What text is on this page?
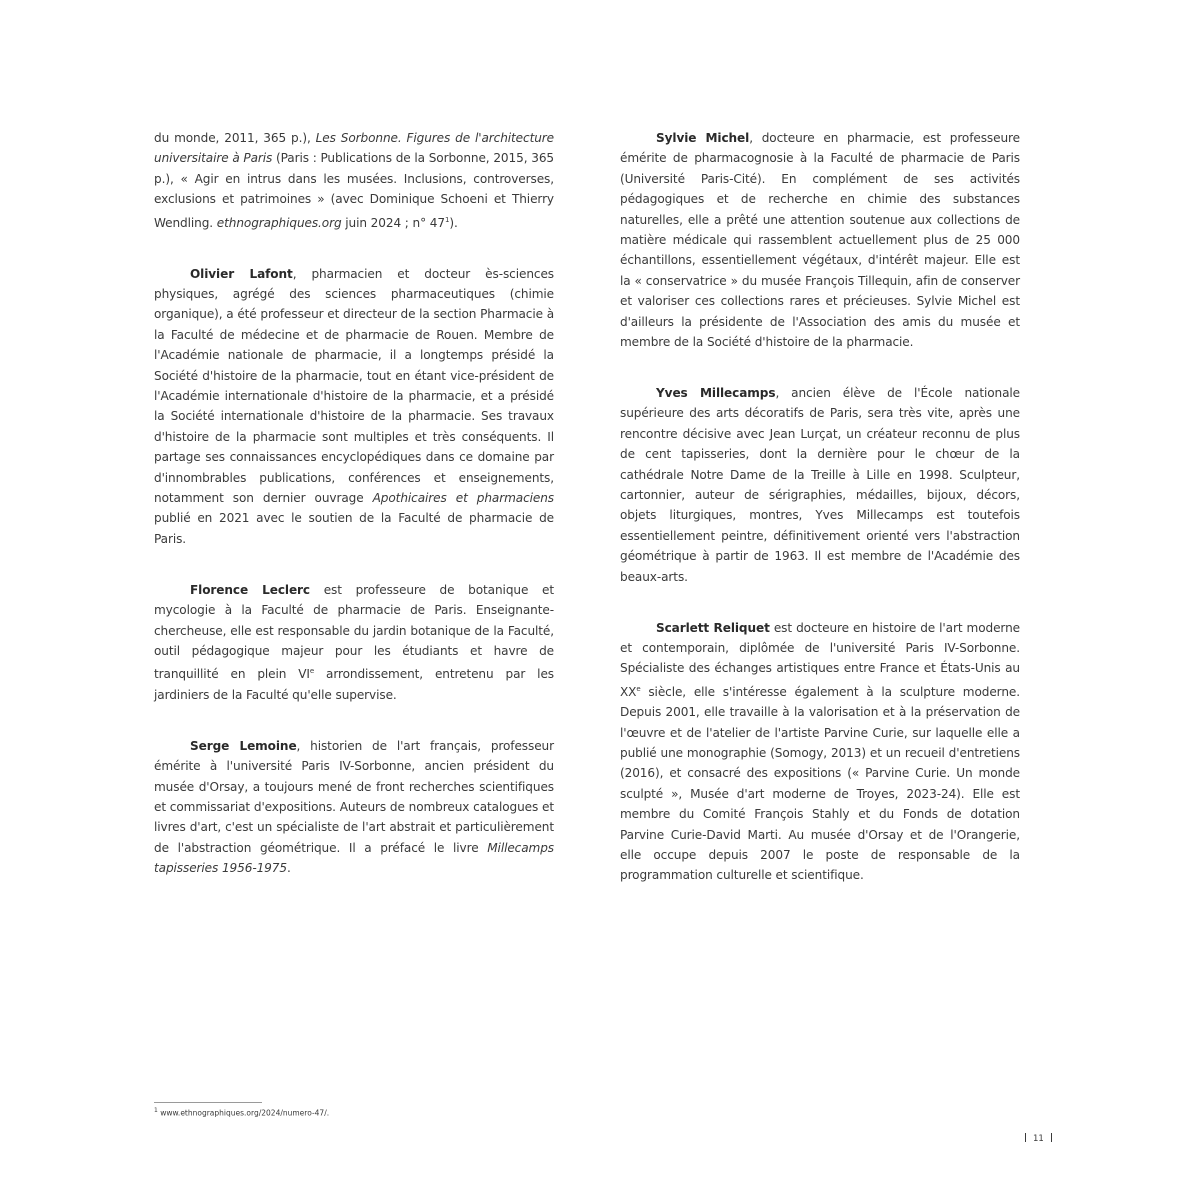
du monde, 2011, 365 p.), Les Sorbonne. Figures de l'architecture universitaire à Paris (Paris : Publications de la Sorbonne, 2015, 365 p.), « Agir en intrus dans les musées. Inclusions, controverses, exclusions et patrimoines » (avec Dominique Schoeni et Thierry Wendling. ethnographiques.org juin 2024 ; n° $47^1$).

Olivier Lafont, pharmacien et docteur ès-sciences physiques, agrégé des sciences pharmaceutiques (chimie organique), a été professeur et directeur de la section Pharmacie à la Faculté de médecine et de pharmacie de Rouen. Membre de l'Académie nationale de pharmacie, il a longtemps présidé la Société d'histoire de la pharmacie, tout en étant vice-président de l'Académie internationale d'histoire de la pharmacie, et a présidé la Société internationale d'histoire de la pharmacie. Ses travaux d'histoire de la pharmacie sont multiples et très conséquents. Il partage ses connaissances encyclopédiques dans ce domaine par d'innombrables publications, conférences et enseignements, notamment son dernier ouvrage Apothicaires et pharmaciens publié en 2021 avec le soutien de la Faculté de pharmacie de Paris.

Florence Leclerc est professeure de botanique et mycologie à la Faculté de pharmacie de Paris. Enseignante-chercheuse, elle est responsable du jardin botanique de la Faculté, outil pédagogique majeur pour les étudiants et havre de tranquillité en plein VIe arrondissement, entretenu par les jardiniers de la Faculté qu'elle supervise.

Serge Lemoine, historien de l'art français, professeur émérite à l'université Paris IV-Sorbonne, ancien président du musée d'Orsay, a toujours mené de front recherches scientifiques et commissariat d'expositions. Auteurs de nombreux catalogues et livres d'art, c'est un spécialiste de l'art abstrait et particulièrement de l'abstraction géométrique. Il a préfacé le livre Millecamps tapisseries 1956-1975.

Sylvie Michel, docteure en pharmacie, est professeure émérite de pharmacognosie à la Faculté de pharmacie de Paris (Université Paris-Cité). En complément de ses activités pédagogiques et de recherche en chimie des substances naturelles, elle a prêté une attention soutenue aux collections de matière médicale qui rassemblent actuellement plus de 25 000 échantillons, essentiellement végétaux, d'intérêt majeur. Elle est la « conservatrice » du musée François Tillequin, afin de conserver et valoriser ces collections rares et précieuses. Sylvie Michel est d'ailleurs la présidente de l'Association des amis du musée et membre de la Société d'histoire de la pharmacie.

Yves Millecamps, ancien élève de l'École nationale supérieure des arts décoratifs de Paris, sera très vite, après une rencontre décisive avec Jean Lurçat, un créateur reconnu de plus de cent tapisseries, dont la dernière pour le chœur de la cathédrale Notre Dame de la Treille à Lille en 1998. Sculpteur, cartonnier, auteur de sérigraphies, médailles, bijoux, décors, objets liturgiques, montres, Yves Millecamps est toutefois essentiellement peintre, définitivement orienté vers l'abstraction géométrique à partir de 1963. Il est membre de l'Académie des beaux-arts.

Scarlett Reliquet est docteure en histoire de l'art moderne et contemporain, diplômée de l'université Paris IV-Sorbonne. Spécialiste des échanges artistiques entre France et États-Unis au XXe siècle, elle s'intéresse également à la sculpture moderne. Depuis 2001, elle travaille à la valorisation et à la préservation de l'œuvre et de l'atelier de l'artiste Parvine Curie, sur laquelle elle a publié une monographie (Somogy, 2013) et un recueil d'entretiens (2016), et consacré des expositions (« Parvine Curie. Un monde sculpté », Musée d'art moderne de Troyes, 2023-24). Elle est membre du Comité François Stahly et du Fonds de dotation Parvine Curie-David Marti. Au musée d'Orsay et de l'Orangerie, elle occupe depuis 2007 le poste de responsable de la programmation culturelle et scientifique.

$^1$ www.ethnographiques.org/2024/numero-47/.
11
